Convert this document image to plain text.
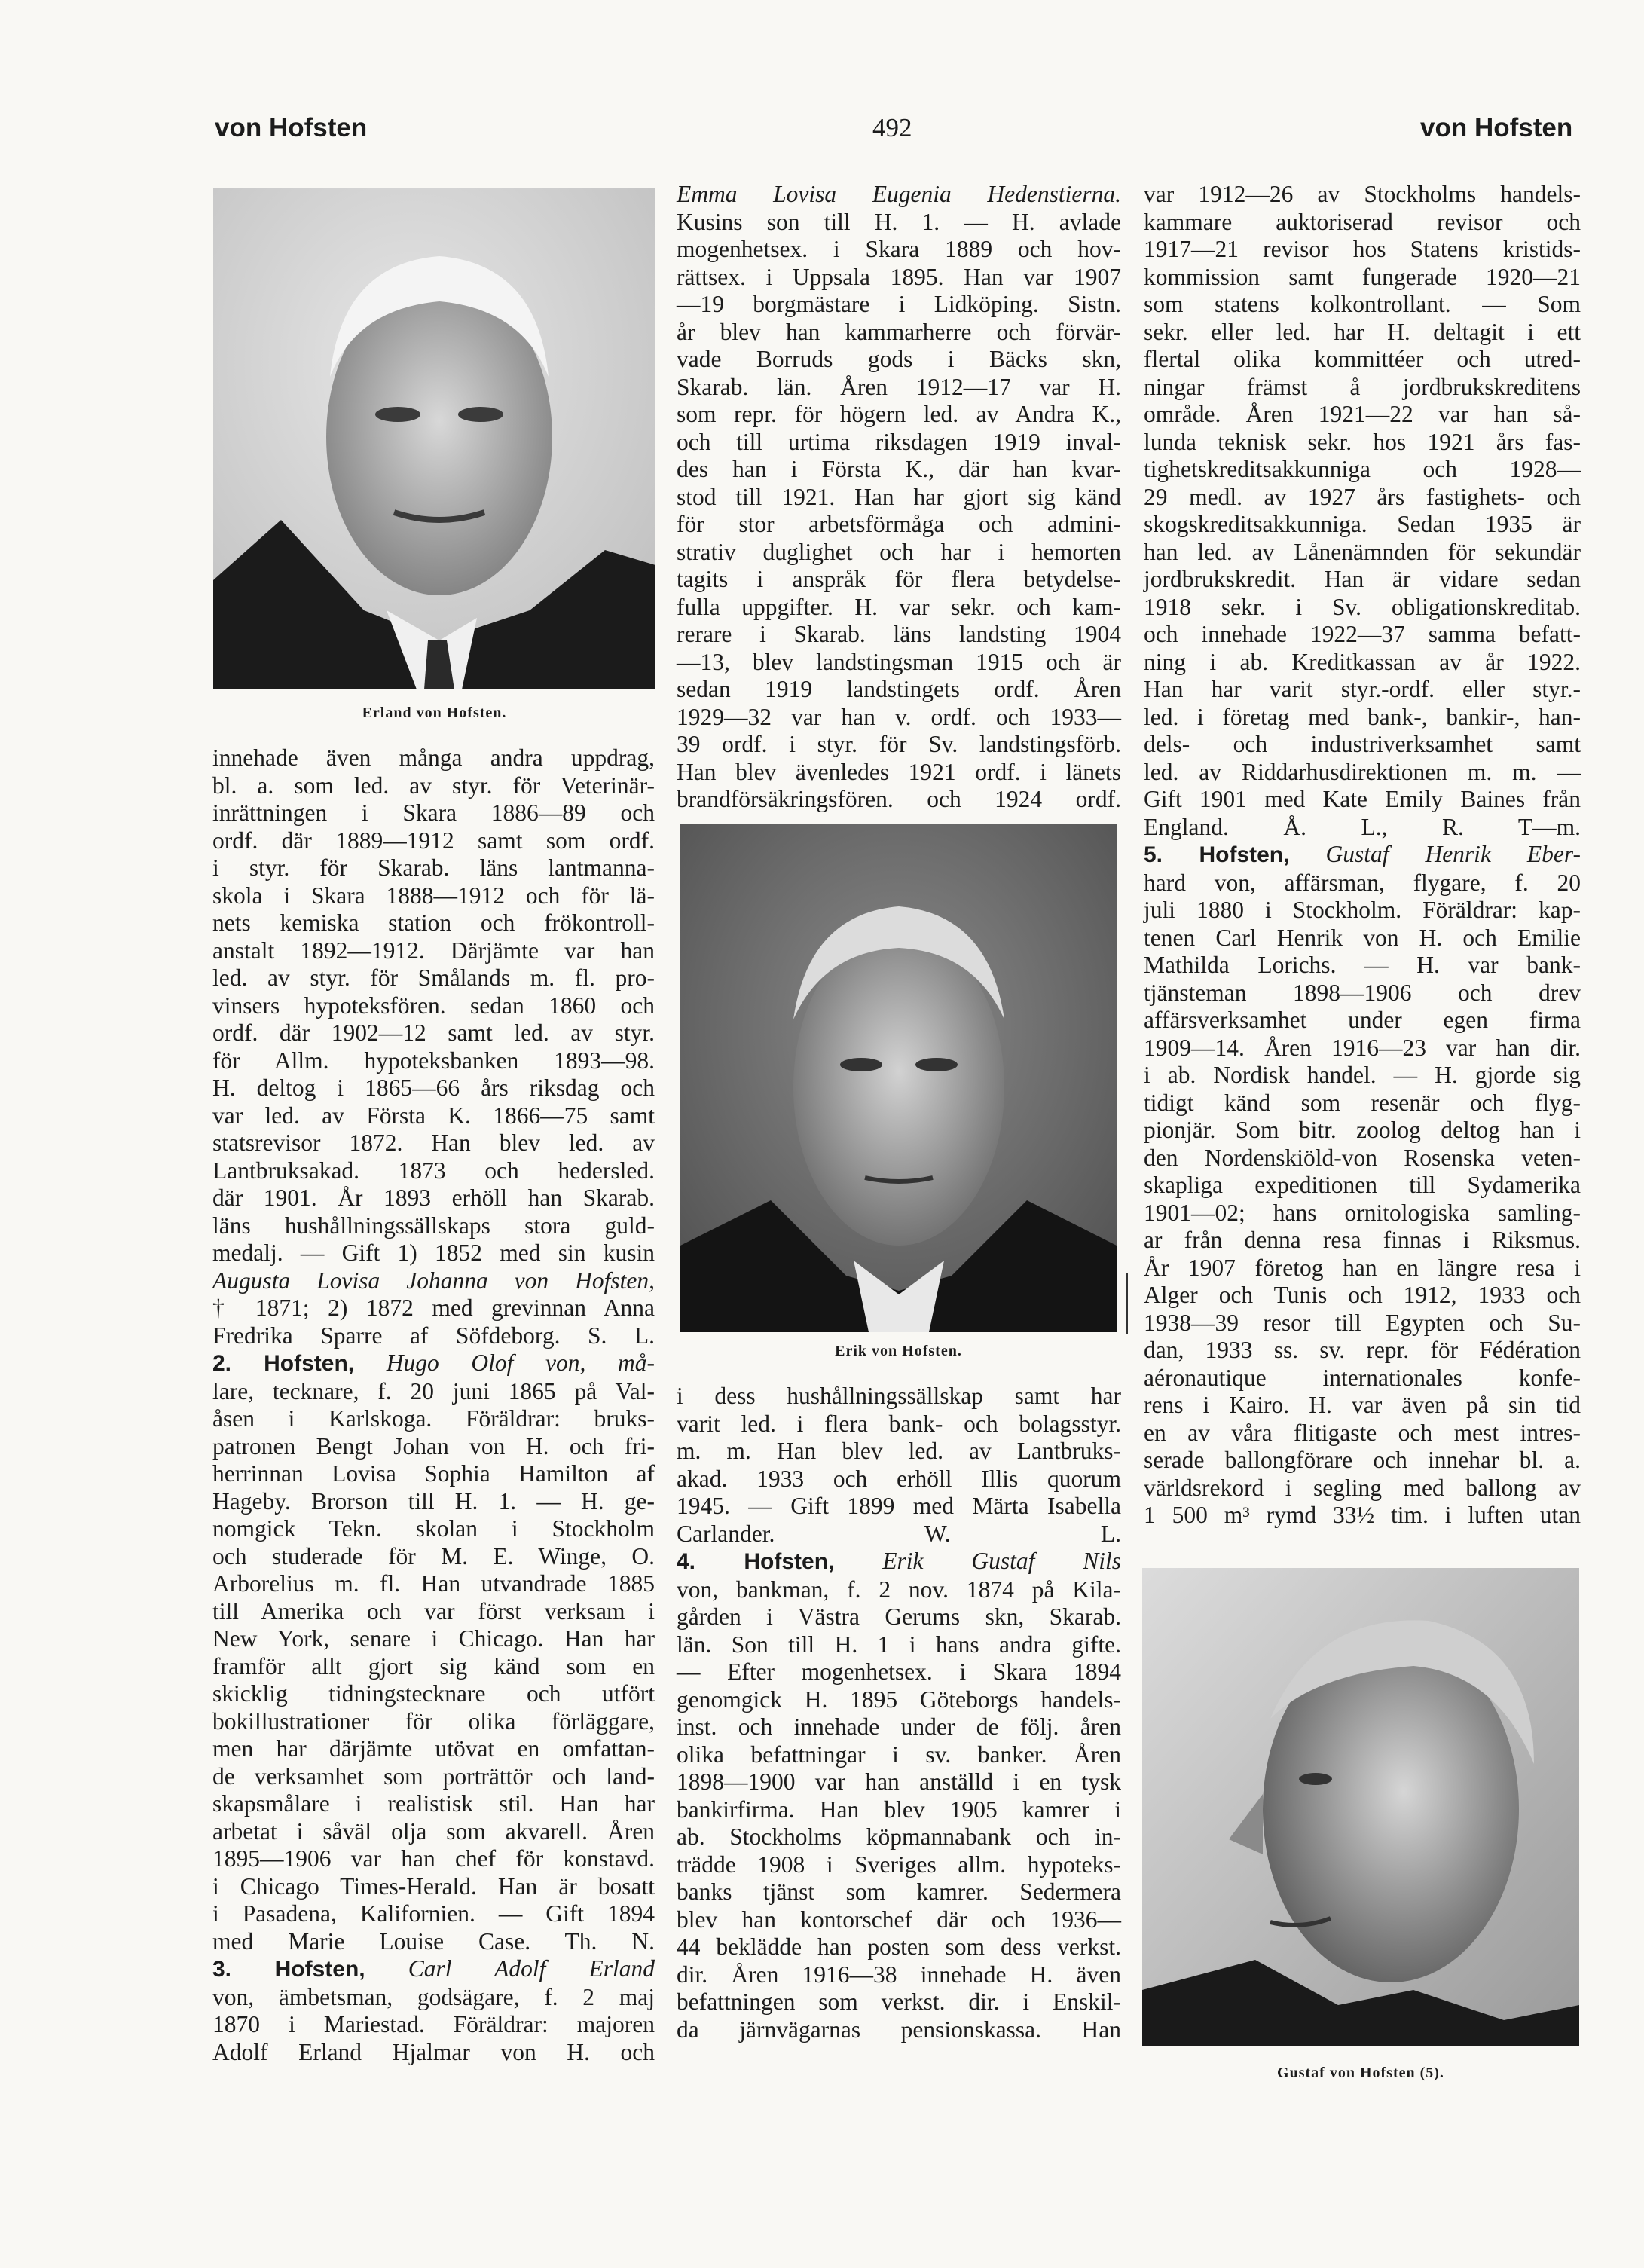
von Hofsten	492	von Hofsten
Erland von Hofsten.

innehade även många andra uppdrag,

bl. a. som led. av styr. för Veterinär-

inrättningen i Skara 1886—89 och

ordf. där 1889—1912 samt som ordf.

i styr. för Skarab. läns lantmanna-

skola i Skara 1888—1912 och för lä-

nets kemiska station och frökontroll-

anstalt 1892—1912. Därjämte var han

led. av styr. för Smålands m. fl. pro-

vinsers hypoteksfören. sedan 1860 och

ordf. där 1902—12 samt led. av styr.

för Allm. hypoteksbanken 1893—98.

H. deltog i 1865—66 års riksdag och

var led. av Första K. 1866—75 samt

statsrevisor 1872. Han blev led. av

Lantbruksakad. 1873 och hedersled.

där 1901. År 1893 erhöll han Skarab.

läns hushållningssällskaps stora guld-

medalj. — Gift 1) 1852 med sin kusin

Augusta Lovisa Johanna von Hofsten,

† 1871; 2) 1872 med grevinnan Anna

Fredrika Sparre af Söfdeborg. S. L.

2. Hofsten, Hugo Olof von, må-

lare, tecknare, f. 20 juni 1865 på Val-

åsen i Karlskoga. Föräldrar: bruks-

patronen Bengt Johan von H. och fri-

herrinnan Lovisa Sophia Hamilton af

Hageby. Brorson till H. 1. — H. ge-

nomgick Tekn. skolan i Stockholm

och studerade för M. E. Winge, O.

Arborelius m. fl. Han utvandrade 1885

till Amerika och var först verksam i

New York, senare i Chicago. Han har

framför allt gjort sig känd som en

skicklig tidningstecknare och utfört

bokillustrationer för olika förläggare,

men har därjämte utövat en omfattan-

de verksamhet som porträttör och land-

skapsmålare i realistisk stil. Han har

arbetat i såväl olja som akvarell. Åren

1895—1906 var han chef för konstavd.

i Chicago Times-Herald. Han är bosatt

i Pasadena, Kalifornien. — Gift 1894

med Marie Louise Case. Th. N.

3. Hofsten, Carl Adolf Erland

von, ämbetsman, godsägare, f. 2 maj

1870 i Mariestad. Föräldrar: majoren

Adolf Erland Hjalmar von H. och

Emma Lovisa Eugenia Hedenstierna.

Kusins son till H. 1. — H. avlade

mogenhetsex. i Skara 1889 och hov-

rättsex. i Uppsala 1895. Han var 1907

—19 borgmästare i Lidköping. Sistn.

år blev han kammarherre och förvär-

vade Borruds gods i Bäcks skn,

Skarab. län. Åren 1912—17 var H.

som repr. för högern led. av Andra K.,

och till urtima riksdagen 1919 inval-

des han i Första K., där han kvar-

stod till 1921. Han har gjort sig känd

för stor arbetsförmåga och admini-

strativ duglighet och har i hemorten

tagits i anspråk för flera betydelse-

fulla uppgifter. H. var sekr. och kam-

rerare i Skarab. läns landsting 1904

—13, blev landstingsman 1915 och är

sedan 1919 landstingets ordf. Åren

1929—32 var han v. ordf. och 1933—

39 ordf. i styr. för Sv. landstingsförb.

Han blev ävenledes 1921 ordf. i länets

brandförsäkringsfören. och 1924 ordf.

Erik von Hofsten.

i dess hushållningssällskap samt har

varit led. i flera bank- och bolagsstyr.

m. m. Han blev led. av Lantbruks-

akad. 1933 och erhöll Illis quorum

1945. — Gift 1899 med Märta Isabella

Carlander. W. L.

4. Hofsten, Erik Gustaf Nils

von, bankman, f. 2 nov. 1874 på Kila-

gården i Västra Gerums skn, Skarab.

län. Son till H. 1 i hans andra gifte.

— Efter mogenhetsex. i Skara 1894

genomgick H. 1895 Göteborgs handels-

inst. och innehade under de följ. åren

olika befattningar i sv. banker. Åren

1898—1900 var han anställd i en tysk

bankirfirma. Han blev 1905 kamrer i

ab. Stockholms köpmannabank och in-

trädde 1908 i Sveriges allm. hypoteks-

banks tjänst som kamrer. Sedermera

blev han kontorschef där och 1936—

44 beklädde han posten som dess verkst.

dir. Åren 1916—38 innehade H. även

befattningen som verkst. dir. i Enskil-

da järnvägarnas pensionskassa. Han

var 1912—26 av Stockholms handels-

kammare auktoriserad revisor och

1917—21 revisor hos Statens kristids-

kommission samt fungerade 1920—21

som statens kolkontrollant. — Som

sekr. eller led. har H. deltagit i ett

flertal olika kommittéer och utred-

ningar främst å jordbrukskreditens

område. Åren 1921—22 var han så-

lunda teknisk sekr. hos 1921 års fas-

tighetskreditsakkunniga och 1928—

29 medl. av 1927 års fastighets- och

skogskreditsakkunniga. Sedan 1935 är

han led. av Lånenämnden för sekundär

jordbrukskredit. Han är vidare sedan

1918 sekr. i Sv. obligationskreditab.

och innehade 1922—37 samma befatt-

ning i ab. Kreditkassan av år 1922.

Han har varit styr.-ordf. eller styr.-

led. i företag med bank-, bankir-, han-

dels- och industriverksamhet samt

led. av Riddarhusdirektionen m. m. —

Gift 1901 med Kate Emily Baines från

England. Å. L., R. T—m.

5. Hofsten, Gustaf Henrik Eber-

hard von, affärsman, flygare, f. 20

juli 1880 i Stockholm. Föräldrar: kap-

tenen Carl Henrik von H. och Emilie

Mathilda Lorichs. — H. var bank-

tjänsteman 1898—1906 och drev

affärsverksamhet under egen firma

1909—14. Åren 1916—23 var han dir.

i ab. Nordisk handel. — H. gjorde sig

tidigt känd som resenär och flyg-

pionjär. Som bitr. zoolog deltog han i

den Nordenskiöld-von Rosenska veten-

skapliga expeditionen till Sydamerika

1901—02; hans ornitologiska samling-

ar från denna resa finnas i Riksmus.

År 1907 företog han en längre resa i

Alger och Tunis och 1912, 1933 och

1938—39 resor till Egypten och Su-

dan, 1933 ss. sv. repr. för Fédération

aéronautique internationales konfe-

rens i Kairo. H. var även på sin tid

en av våra flitigaste och mest intres-

serade ballongförare och innehar bl. a.

världsrekord i segling med ballong av

1 500 m³ rymd 33½ tim. i luften utan

Gustaf von Hofsten (5).
